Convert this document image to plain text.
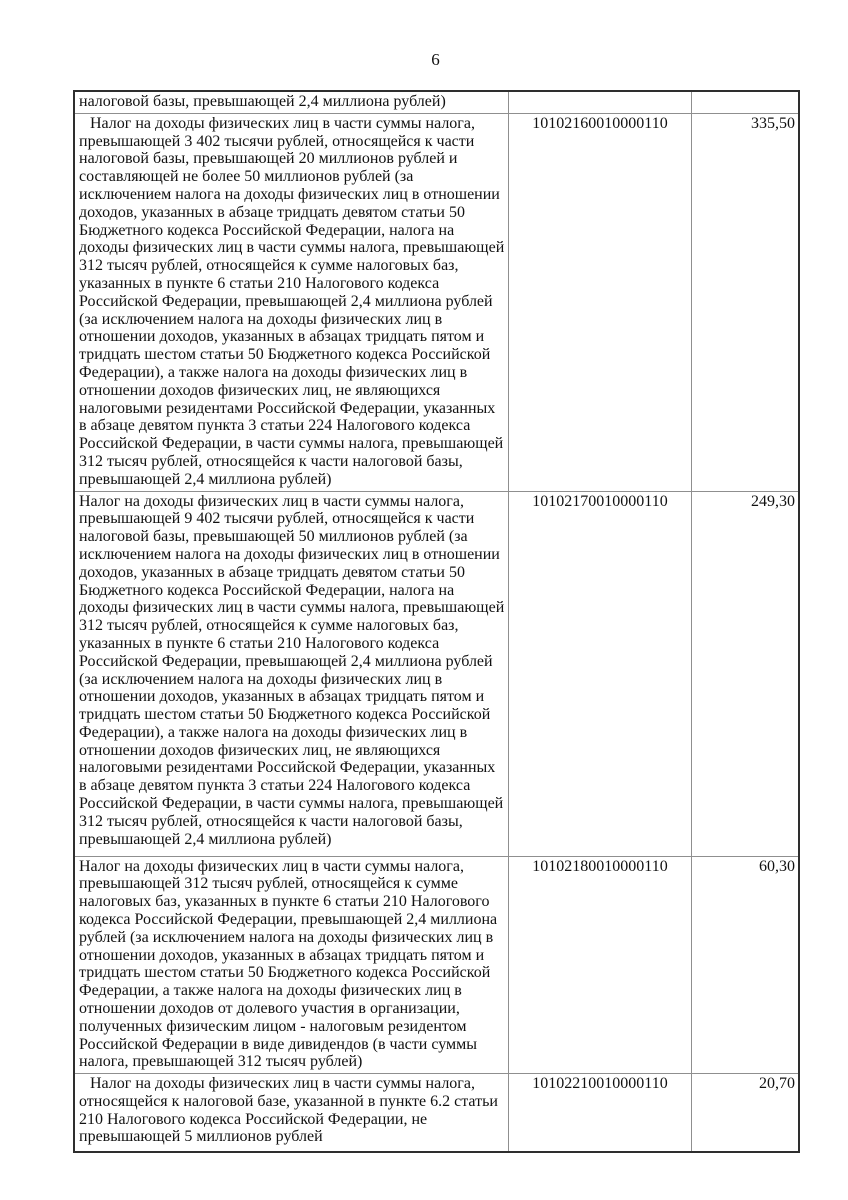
6
налоговой базы, превышающей 2,4 миллиона рублей)		
Налог на доходы физических лиц в части суммы налога, превышающей 3 402 тысячи рублей, относящейся к части налоговой базы, превышающей 20 миллионов рублей и составляющей не более 50 миллионов рублей (за исключением налога на доходы физических лиц в отношении доходов, указанных в абзаце тридцать девятом статьи 50 Бюджетного кодекса Российской Федерации, налога на доходы физических лиц в части суммы налога, превышающей 312 тысяч рублей, относящейся к сумме налоговых баз, указанных в пункте 6 статьи 210 Налогового кодекса Российской Федерации, превышающей 2,4 миллиона рублей (за исключением налога на доходы физических лиц в отношении доходов, указанных в абзацах тридцать пятом и тридцать шестом статьи 50 Бюджетного кодекса Российской Федерации), а также налога на доходы физических лиц в отношении доходов физических лиц, не являющихся налоговыми резидентами Российской Федерации, указанных в абзаце девятом пункта 3 статьи 224 Налогового кодекса Российской Федерации, в части суммы налога, превышающей 312 тысяч рублей, относящейся к части налоговой базы, превышающей 2,4 миллиона рублей)	10102160010000110	335,50
Налог на доходы физических лиц в части суммы налога, превышающей 9 402 тысячи рублей, относящейся к части налоговой базы, превышающей 50 миллионов рублей (за исключением налога на доходы физических лиц в отношении доходов, указанных в абзаце тридцать девятом статьи 50 Бюджетного кодекса Российской Федерации, налога на доходы физических лиц в части суммы налога, превышающей 312 тысяч рублей, относящейся к сумме налоговых баз, указанных в пункте 6 статьи 210 Налогового кодекса Российской Федерации, превышающей 2,4 миллиона рублей (за исключением налога на доходы физических лиц в отношении доходов, указанных в абзацах тридцать пятом и тридцать шестом статьи 50 Бюджетного кодекса Российской Федерации), а также налога на доходы физических лиц в отношении доходов физических лиц, не являющихся налоговыми резидентами Российской Федерации, указанных в абзаце девятом пункта 3 статьи 224 Налогового кодекса Российской Федерации, в части суммы налога, превышающей 312 тысяч рублей, относящейся к части налоговой базы, превышающей 2,4 миллиона рублей)	10102170010000110	249,30
Налог на доходы физических лиц в части суммы налога, превышающей 312 тысяч рублей, относящейся к сумме налоговых баз, указанных в пункте 6 статьи 210 Налогового кодекса Российской Федерации, превышающей 2,4 миллиона рублей (за исключением налога на доходы физических лиц в отношении доходов, указанных в абзацах тридцать пятом и тридцать шестом статьи 50 Бюджетного кодекса Российской Федерации, а также налога на доходы физических лиц в отношении доходов от долевого участия в организации, полученных физическим лицом - налоговым резидентом Российской Федерации в виде дивидендов (в части суммы налога, превышающей 312 тысяч рублей)	10102180010000110	60,30
Налог на доходы физических лиц в части суммы налога, относящейся к налоговой базе, указанной в пункте 6.2 статьи 210 Налогового кодекса Российской Федерации, не превышающей 5 миллионов рублей	10102210010000110	20,70
